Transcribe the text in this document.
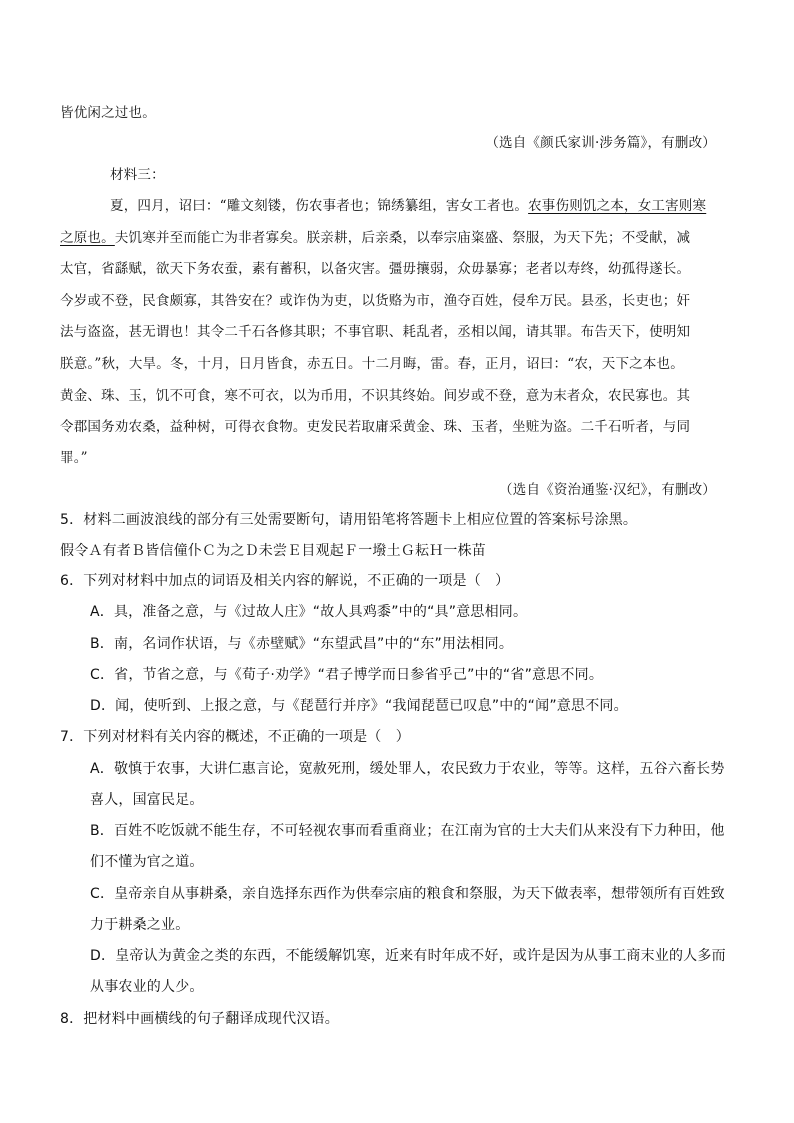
皆优闲之过也。
（选自《颜氏家训·涉务篇》，有删改）
材料三：
夏，四月，诏曰：“雕文刻镂，伤农事者也；锦绣纂组，害女工者也。农事伤则饥之本，女工害则寒
之原也。夫饥寒并至而能亡为非者寡矣。朕亲耕，后亲桑，以奉宗庙粢盛、祭服，为天下先；不受献，减
太官，省繇赋，欲天下务农蚕，素有蓄积，以备灾害。彊毋攘弱，众毋暴寡；老者以寿终，幼孤得遂长。
今岁或不登，民食颇寡，其咎安在？或诈伪为吏，以货赂为市，渔夺百姓，侵牟万民。县丞，长吏也；奸
法与盗盗，甚无谓也！其令二千石各修其职；不事官职、耗乱者，丞相以闻，请其罪。布告天下，使明知
朕意。”秋，大旱。冬，十月，日月皆食，赤五日。十二月晦，雷。春，正月，诏曰：“农，天下之本也。
黄金、珠、玉，饥不可食，寒不可衣，以为币用，不识其终始。间岁或不登，意为末者众，农民寡也。其
令郡国务劝农桑，益种树，可得衣食物。吏发民若取庸采黄金、珠、玉者，坐赃为盗。二千石听者，与同
罪。”
（选自《资治通鉴·汉纪》，有删改）
5．材料二画波浪线的部分有三处需要断句，请用铅笔将答题卡上相应位置的答案标号涂黑。
假令Ａ有者Ｂ皆信僮仆Ｃ为之Ｄ未尝Ｅ目观起Ｆ一墢土Ｇ耘Ｈ一株苗
6．下列对材料中加点的词语及相关内容的解说，不正确的一项是（　）
A．具，准备之意，与《过故人庄》“故人具鸡黍”中的“具”意思相同。
B．南，名词作状语，与《赤壁赋》“东望武昌”中的“东”用法相同。
C．省，节省之意，与《荀子·劝学》“君子博学而日参省乎己”中的“省”意思不同。
D．闻，使听到、上报之意，与《琵琶行并序》“我闻琵琶已叹息”中的“闻”意思不同。
7．下列对材料有关内容的概述，不正确的一项是（　）
A．敬慎于农事，大讲仁惠言论，宽赦死刑，缓处罪人，农民致力于农业，等等。这样，五谷六畜长势
喜人，国富民足。
B．百姓不吃饭就不能生存，不可轻视农事而看重商业；在江南为官的士大夫们从来没有下力种田，他
们不懂为官之道。
C．皇帝亲自从事耕桑，亲自选择东西作为供奉宗庙的粮食和祭服，为天下做表率，想带领所有百姓致
力于耕桑之业。
D．皇帝认为黄金之类的东西，不能缓解饥寒，近来有时年成不好，或许是因为从事工商末业的人多而
从事农业的人少。
8．把材料中画横线的句子翻译成现代汉语。
